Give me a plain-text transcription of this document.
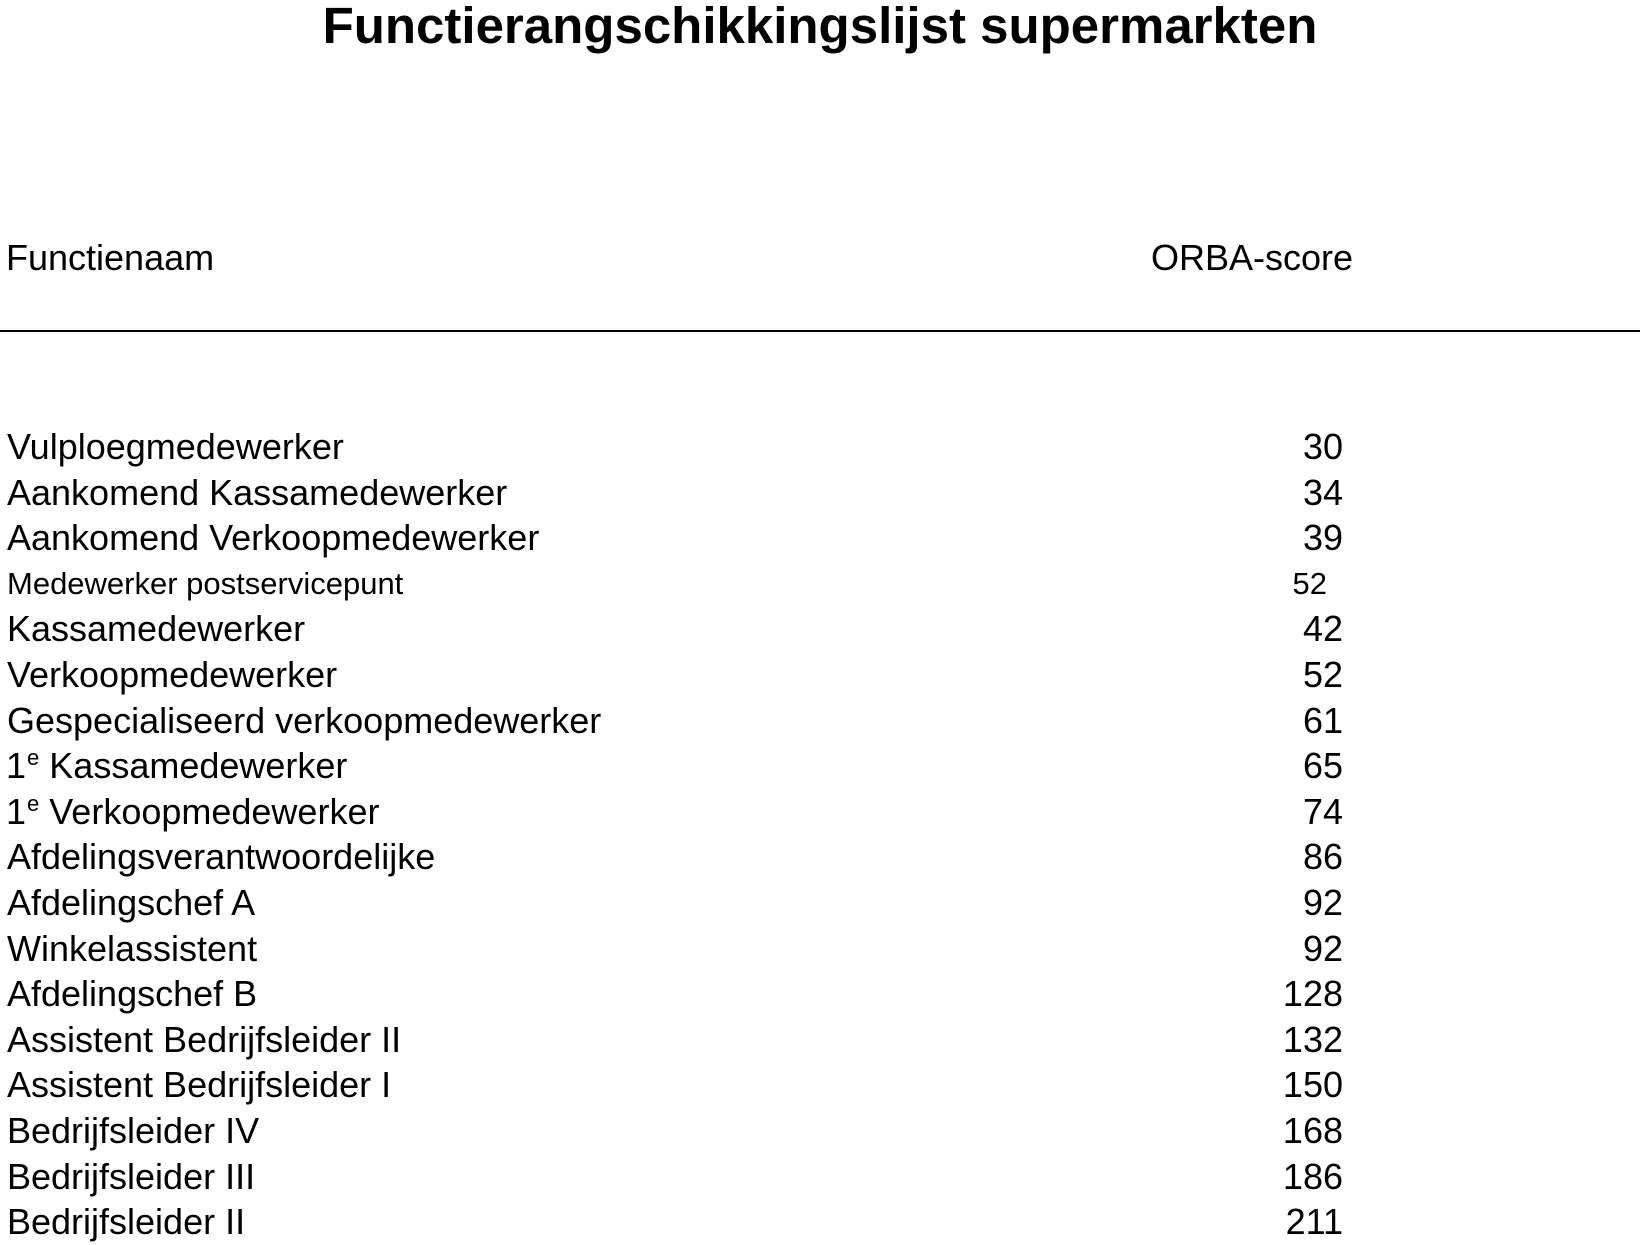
Functierangschikkingslijst supermarkten
Functienaam	ORBA-score
Vulploegmedewerker	30
Aankomend Kassamedewerker	34
Aankomend Verkoopmedewerker	39
Medewerker postservicepunt	52
Kassamedewerker	42
Verkoopmedewerker	52
Gespecialiseerd verkoopmedewerker	61
1e Kassamedewerker	65
1e Verkoopmedewerker	74
Afdelingsverantwoordelijke	86
Afdelingschef A	92
Winkelassistent	92
Afdelingschef B	128
Assistent Bedrijfsleider II	132
Assistent Bedrijfsleider I	150
Bedrijfsleider IV	168
Bedrijfsleider III	186
Bedrijfsleider II	211
